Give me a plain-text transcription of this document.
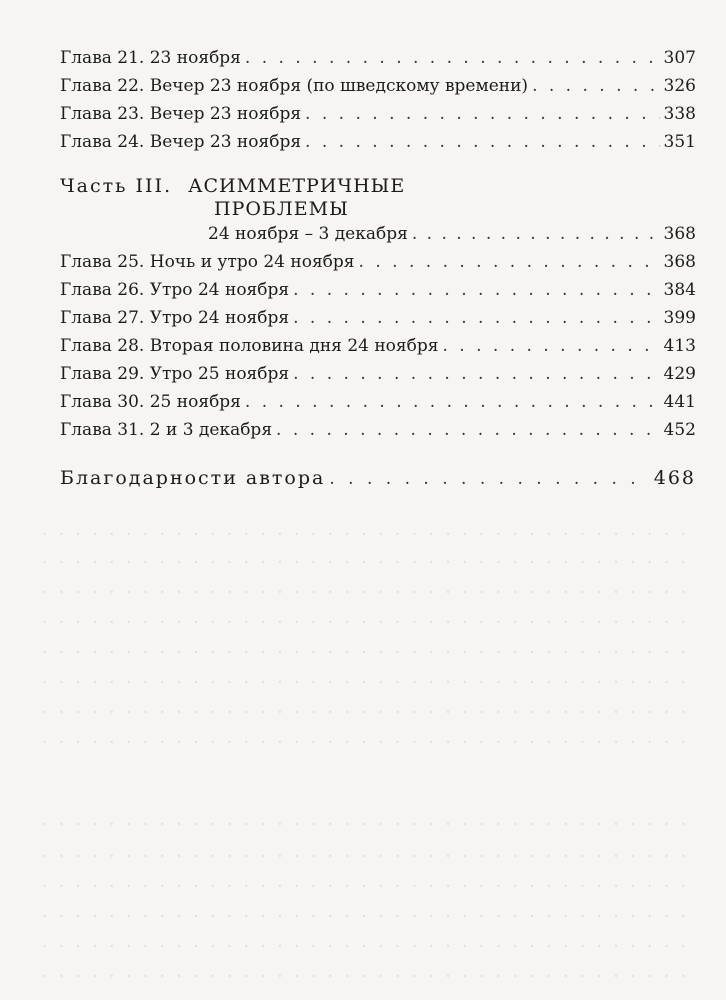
. . .
. . .
. . .
. . .
. . .
. . .
. . .
. . .
. . .
. . .
. . .
. . .
. . .
. . .
Глава 21. 23 ноября . . .	307
Глава 22. Вечер 23 ноября (по шведскому времени) . . .	326
Глава 23. Вечер 23 ноября . . .	338
Глава 24. Вечер 23 ноября . . .	351
Часть III. АСИММЕТРИЧНЫЕ
ПРОБЛЕМЫ
24 ноября – 3 декабря . . .	368
Глава 25. Ночь и утро 24 ноября . . .	368
Глава 26. Утро 24 ноября . . .	384
Глава 27. Утро 24 ноября . . .	399
Глава 28. Вторая половина дня 24 ноября . . .	413
Глава 29. Утро 25 ноября . . .	429
Глава 30. 25 ноября . . .	441
Глава 31. 2 и 3 декабря . . .	452
Благодарности автора . . .	468
